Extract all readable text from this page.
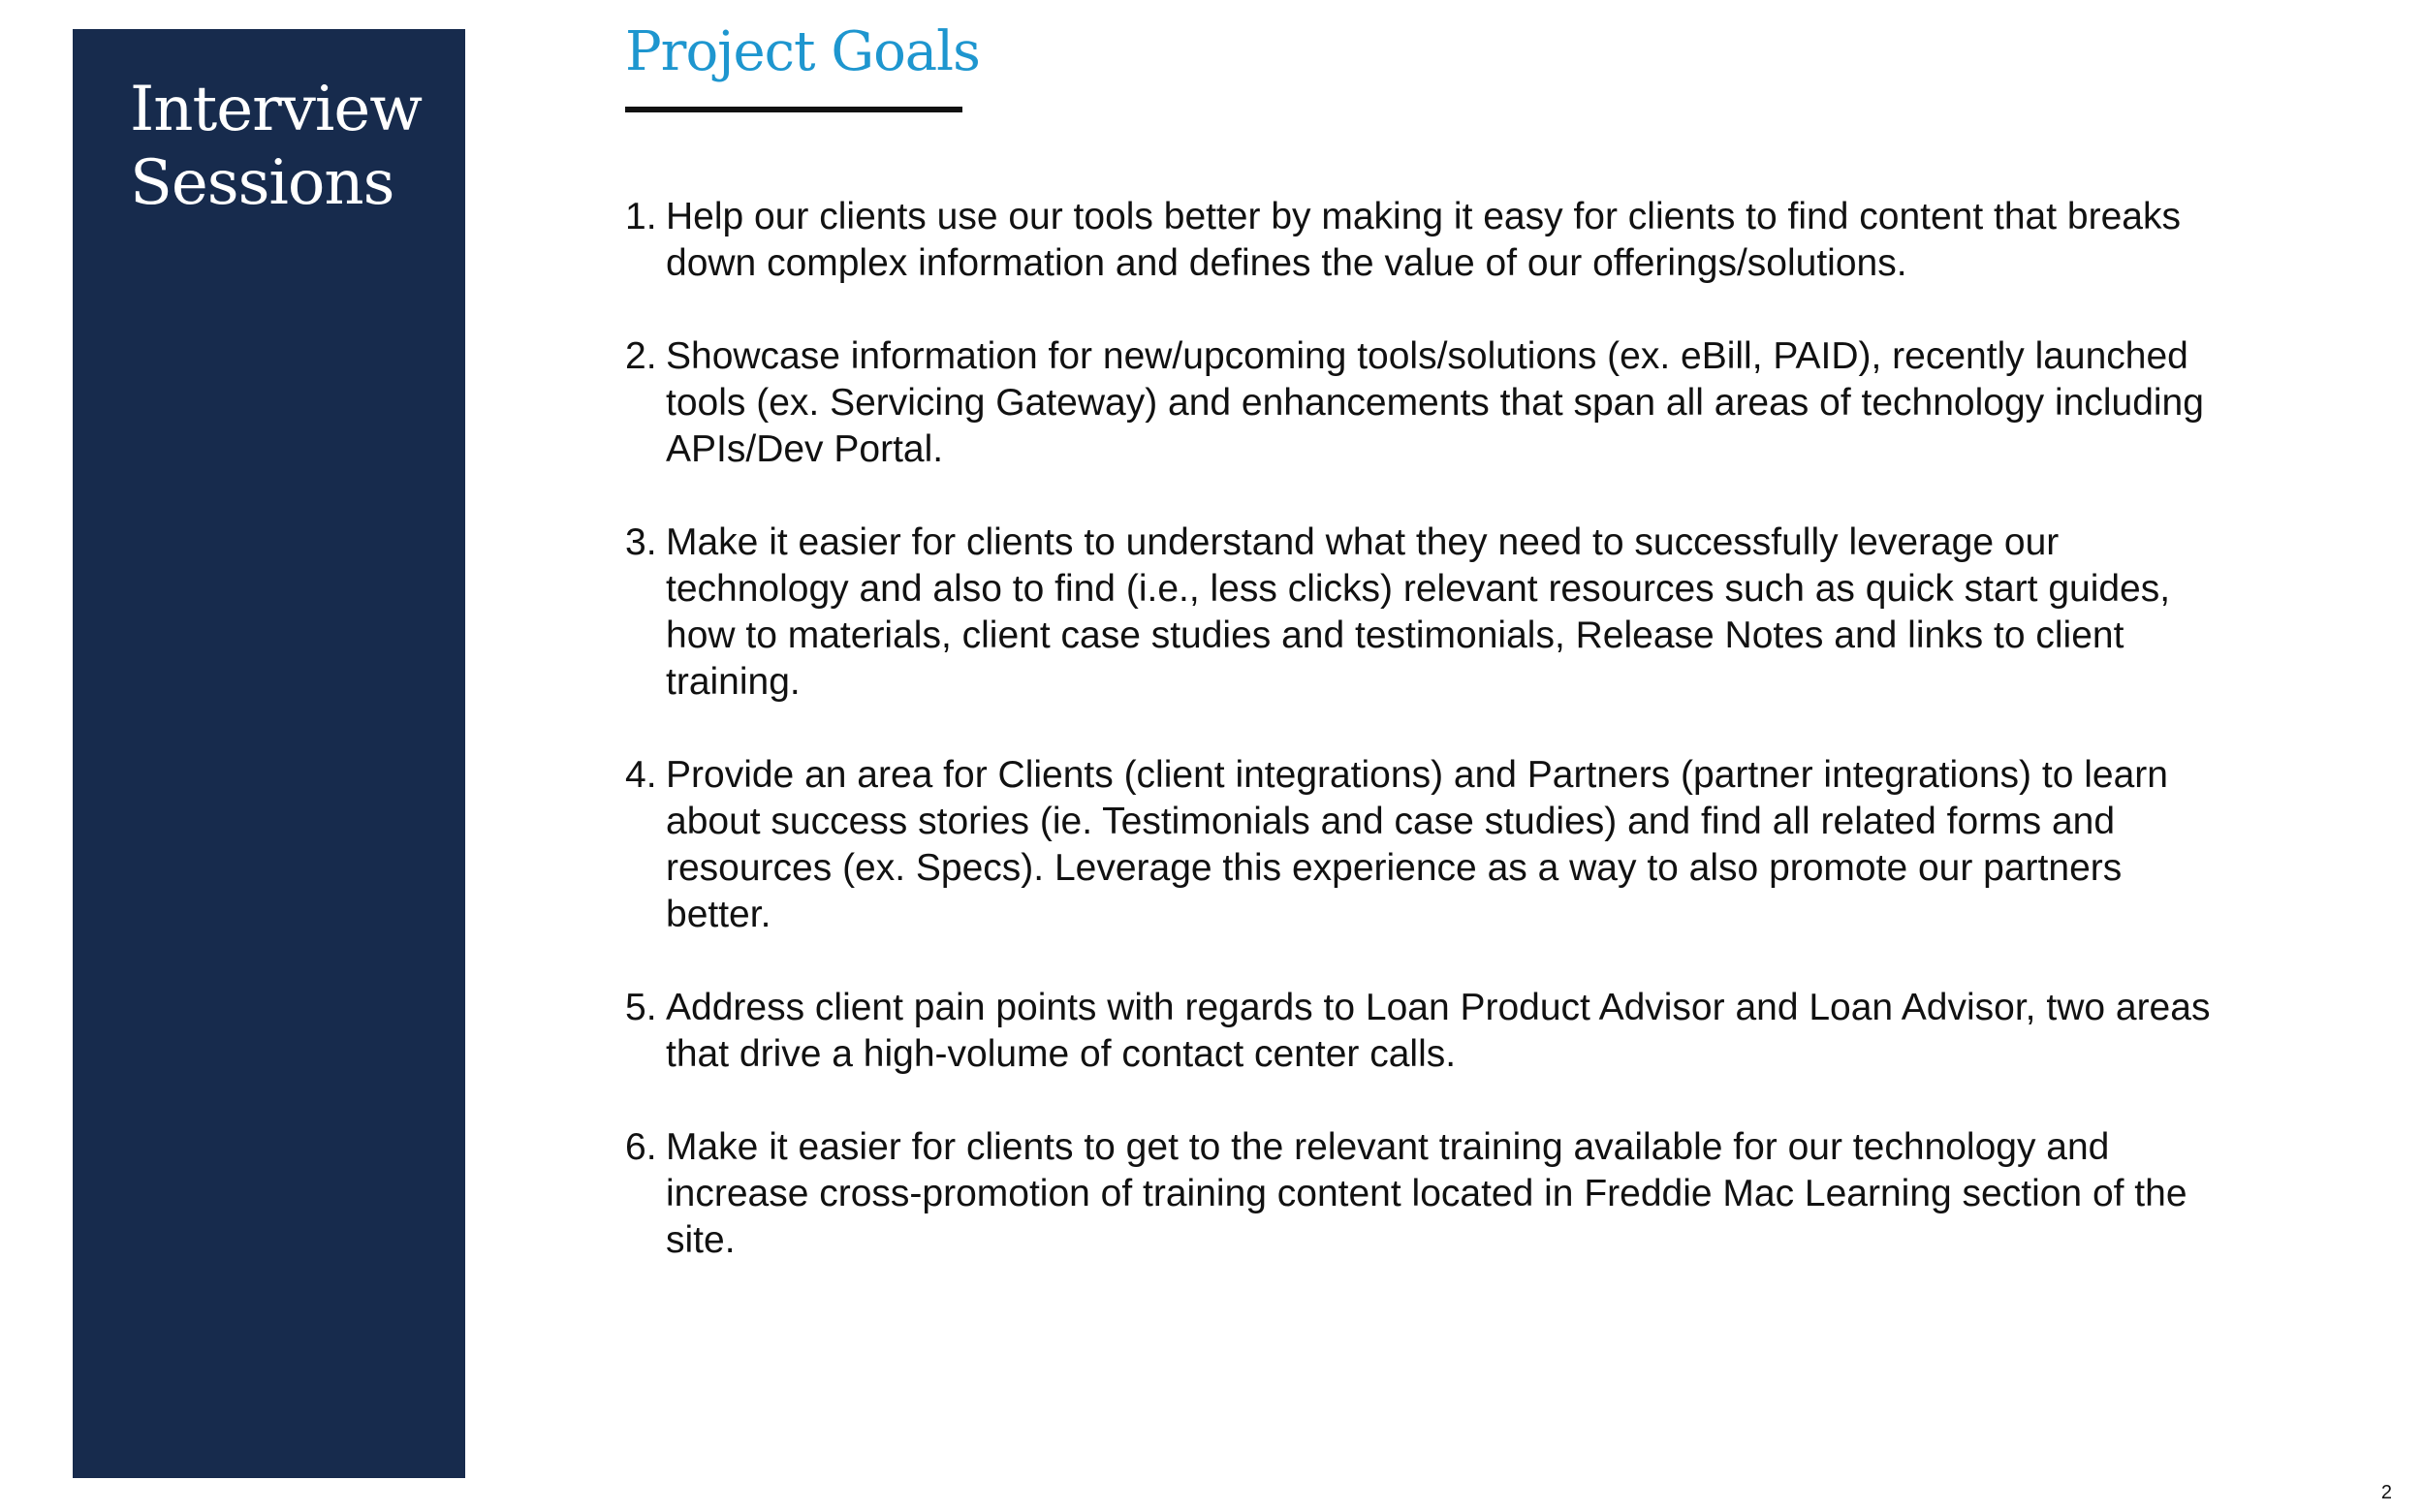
Interview Sessions
Project Goals
1. Help our clients use our tools better by making it easy for clients to find content that breaks down complex information and defines the value of our offerings/solutions.
2. Showcase information for new/upcoming tools/solutions (ex. eBill, PAID), recently launched tools (ex. Servicing Gateway) and enhancements that span all areas of technology including APIs/Dev Portal.
3. Make it easier for clients to understand what they need to successfully leverage our technology and also to find (i.e., less clicks) relevant resources such as quick start guides, how to materials, client case studies and testimonials, Release Notes and links to client training.
4. Provide an area for Clients (client integrations) and Partners (partner integrations) to learn about success stories (ie. Testimonials and case studies) and find all related forms and resources (ex. Specs). Leverage this experience as a way to also promote our partners better.
5. Address client pain points with regards to Loan Product Advisor and Loan Advisor, two areas that drive a high-volume of contact center calls.
6. Make it easier for clients to get to the relevant training available for our technology and increase cross-promotion of training content located in Freddie Mac Learning section of the site.
2
